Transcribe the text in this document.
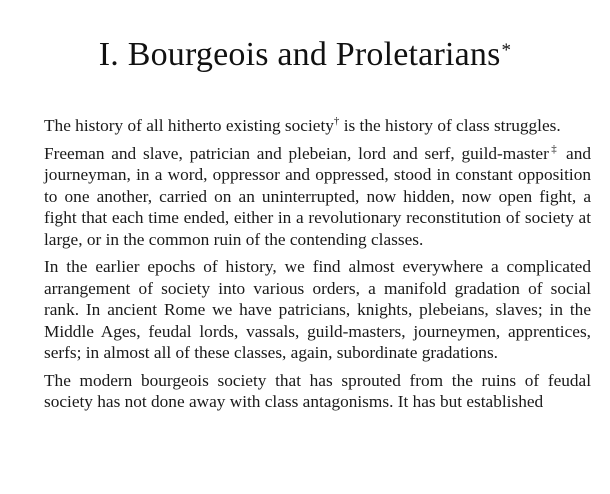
I. Bourgeois and Proletarians*

The history of all hitherto existing society† is the history of class struggles.

Freeman and slave, patrician and plebeian, lord and serf, guild-master‡ and journeyman, in a word, oppressor and oppressed, stood in constant opposition to one another, carried on an uninterrupted, now hidden, now open fight, a fight that each time ended, either in a revolutionary reconstitution of society at large, or in the common ruin of the contending classes.

In the earlier epochs of history, we find almost everywhere a complicated arrangement of society into various orders, a manifold gradation of social rank. In ancient Rome we have patricians, knights, plebeians, slaves; in the Middle Ages, feudal lords, vassals, guild-masters, journeymen, apprentices, serfs; in almost all of these classes, again, subordinate gradations.

The modern bourgeois society that has sprouted from the ruins of feudal society has not done away with class antagonisms. It has but established
